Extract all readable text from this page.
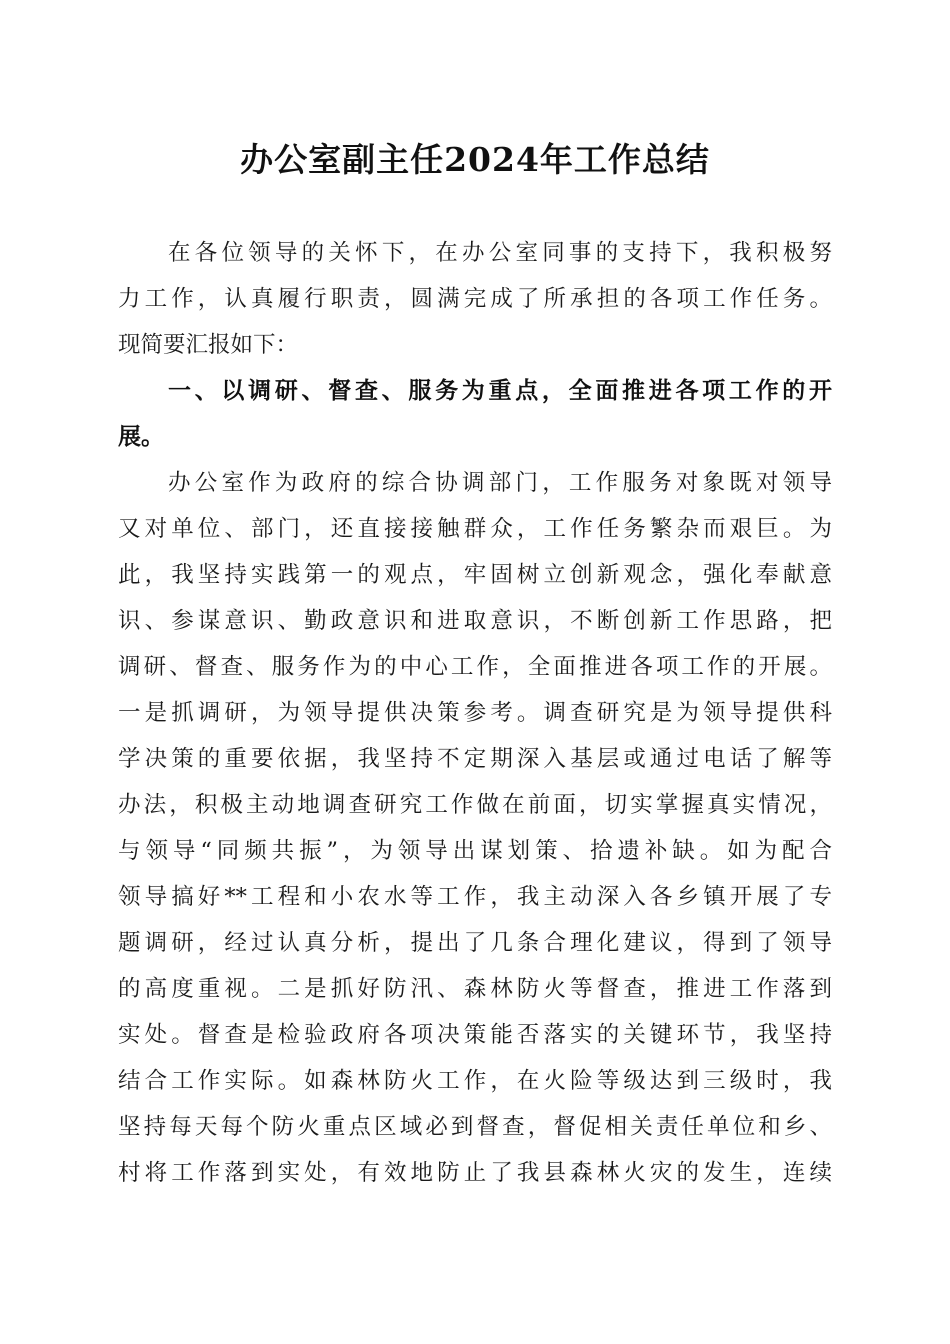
办公室副主任2024年工作总结
在各位领导的关怀下，在办公室同事的支持下，我积极努
力工作，认真履行职责，圆满完成了所承担的各项工作任务。
现简要汇报如下：
一、以调研、督查、服务为重点，全面推进各项工作的开
展。
办公室作为政府的综合协调部门，工作服务对象既对领导
又对单位、部门，还直接接触群众，工作任务繁杂而艰巨。为
此，我坚持实践第一的观点，牢固树立创新观念，强化奉献意
识、参谋意识、勤政意识和进取意识，不断创新工作思路，把
调研、督查、服务作为的中心工作，全面推进各项工作的开展。
一是抓调研，为领导提供决策参考。调查研究是为领导提供科
学决策的重要依据，我坚持不定期深入基层或通过电话了解等
办法，积极主动地调查研究工作做在前面，切实掌握真实情况，
与领导“同频共振”，为领导出谋划策、拾遗补缺。如为配合
领导搞好**工程和小农水等工作，我主动深入各乡镇开展了专
题调研，经过认真分析，提出了几条合理化建议，得到了领导
的高度重视。二是抓好防汛、森林防火等督查，推进工作落到
实处。督查是检验政府各项决策能否落实的关键环节，我坚持
结合工作实际。如森林防火工作，在火险等级达到三级时，我
坚持每天每个防火重点区域必到督查，督促相关责任单位和乡、
村将工作落到实处，有效地防止了我县森林火灾的发生，连续
